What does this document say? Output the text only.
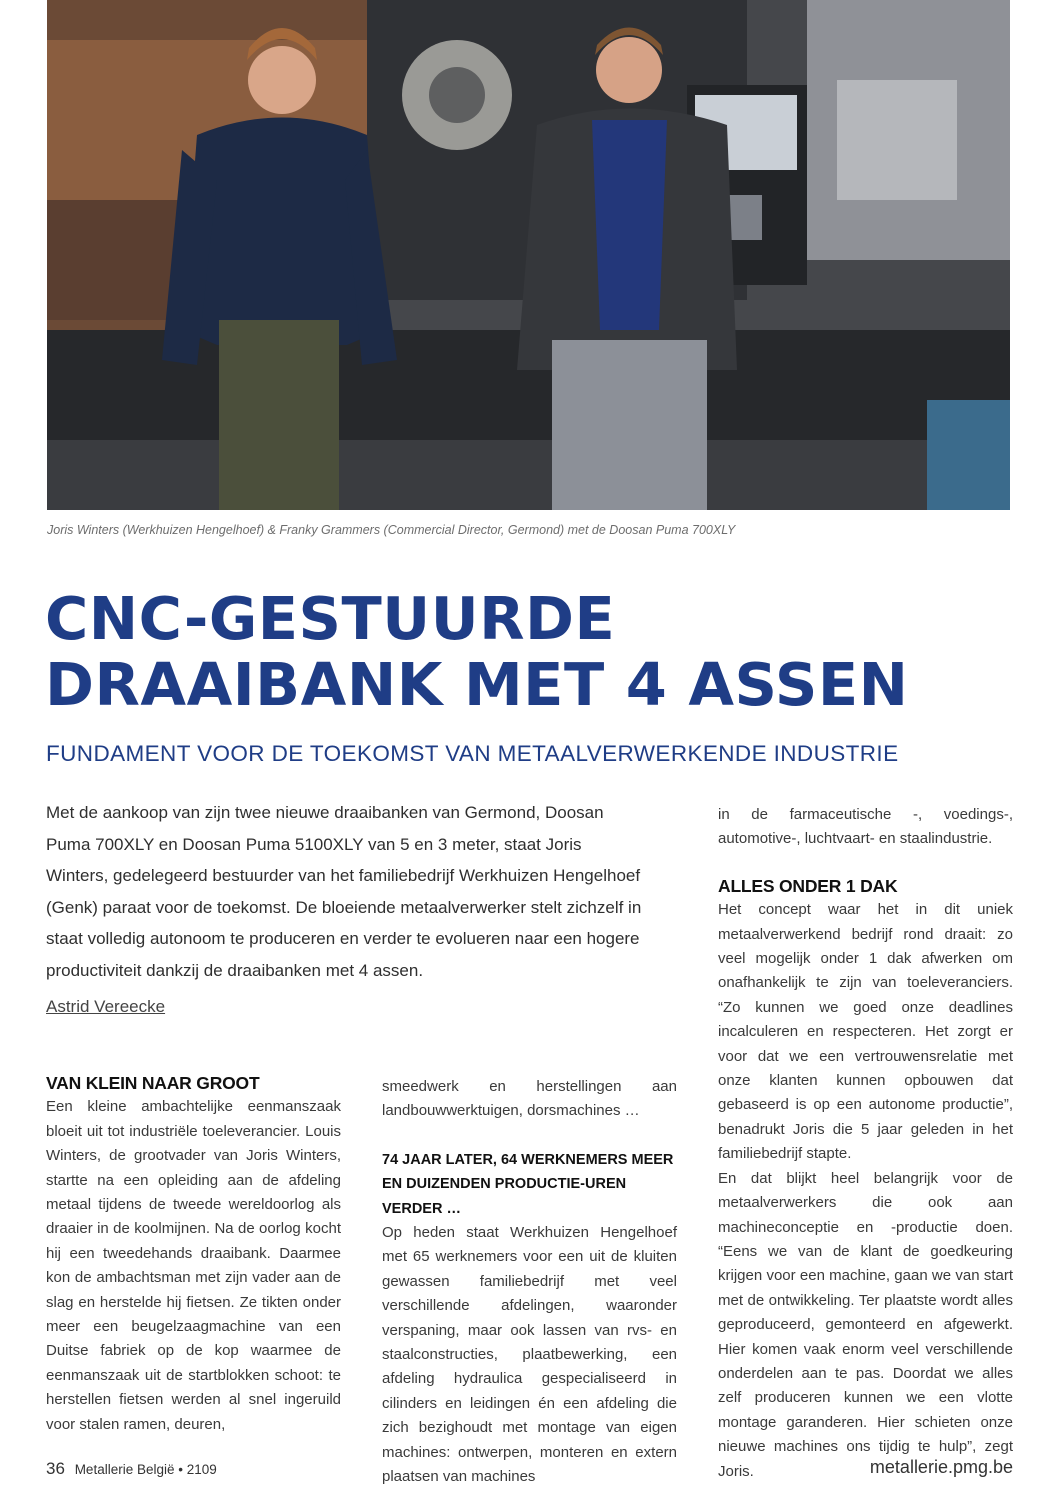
Joris Winters (Werkhuizen Hengelhoef) & Franky Grammers (Commercial Director, Germond) met de Doosan Puma 700XLY
CNC-GESTUURDE
DRAAIBANK MET 4 ASSEN
FUNDAMENT VOOR DE TOEKOMST VAN METAALVERWERKENDE INDUSTRIE

Met de aankoop van zijn twee nieuwe draaibanken van Germond, Doosan Puma 700XLY en Doosan Puma 5100XLY van 5 en 3 meter, staat Joris Winters, gedelegeerd bestuurder van het familiebedrijf Werkhuizen Hengelhoef (Genk) paraat voor de toekomst. De bloeiende metaalverwerker stelt zichzelf in staat volledig autonoom te produceren en verder te evolueren naar een hogere productiviteit dankzij de draaibanken met 4 assen.

Astrid Vereecke

VAN KLEIN NAAR GROOT

Een kleine ambachtelijke eenmanszaak bloeit uit tot industriële toeleverancier. Louis Winters, de grootvader van Joris Winters, startte na een opleiding aan de afdeling metaal tijdens de tweede wereldoorlog als draaier in de koolmijnen. Na de oorlog kocht hij een tweedehands draaibank. Daarmee kon de ambachtsman met zijn vader aan de slag en herstelde hij fietsen. Ze tikten onder meer een beugelzaagmachine van een Duitse fabriek op de kop waarmee de eenmanszaak uit de startblokken schoot: te herstellen fietsen werden al snel ingeruild voor stalen ramen, deuren,

smeedwerk en herstellingen aan landbouwwerktuigen, dorsmachines …

74 JAAR LATER, 64 WERKNEMERS MEER EN DUIZENDEN PRODUCTIE-UREN VERDER …

Op heden staat Werkhuizen Hengelhoef met 65 werknemers voor een uit de kluiten gewassen familiebedrijf met veel verschillende afdelingen, waaronder verspaning, maar ook lassen van rvs- en staalconstructies, plaatbewerking, een afdeling hydraulica gespecialiseerd in cilinders en leidingen én een afdeling die zich bezighoudt met montage van eigen machines: ontwerpen, monteren en extern plaatsen van machines

in de farmaceutische -, voedings-, automotive-, luchtvaart- en staalindustrie.

ALLES ONDER 1 DAK

Het concept waar het in dit uniek metaalverwerkend bedrijf rond draait: zo veel mogelijk onder 1 dak afwerken om onafhankelijk te zijn van toeleveranciers. “Zo kunnen we goed onze deadlines incalculeren en respecteren. Het zorgt er voor dat we een vertrouwensrelatie met onze klanten kunnen opbouwen dat gebaseerd is op een autonome productie”, benadrukt Joris die 5 jaar geleden in het familiebedrijf stapte.

En dat blijkt heel belangrijk voor de metaalverwerkers die ook aan machineconceptie en -productie doen. “Eens we van de klant de goedkeuring krijgen voor een machine, gaan we van start met de ontwikkeling. Ter plaatste wordt alles geproduceerd, gemonteerd en afgewerkt. Hier komen vaak enorm veel verschillende onderdelen aan te pas. Doordat we alles zelf produceren kunnen we een vlotte montage garanderen. Hier schieten onze nieuwe machines ons tijdig te hulp”, zegt Joris.

36 Metallerie België • 2109	metallerie.pmg.be
